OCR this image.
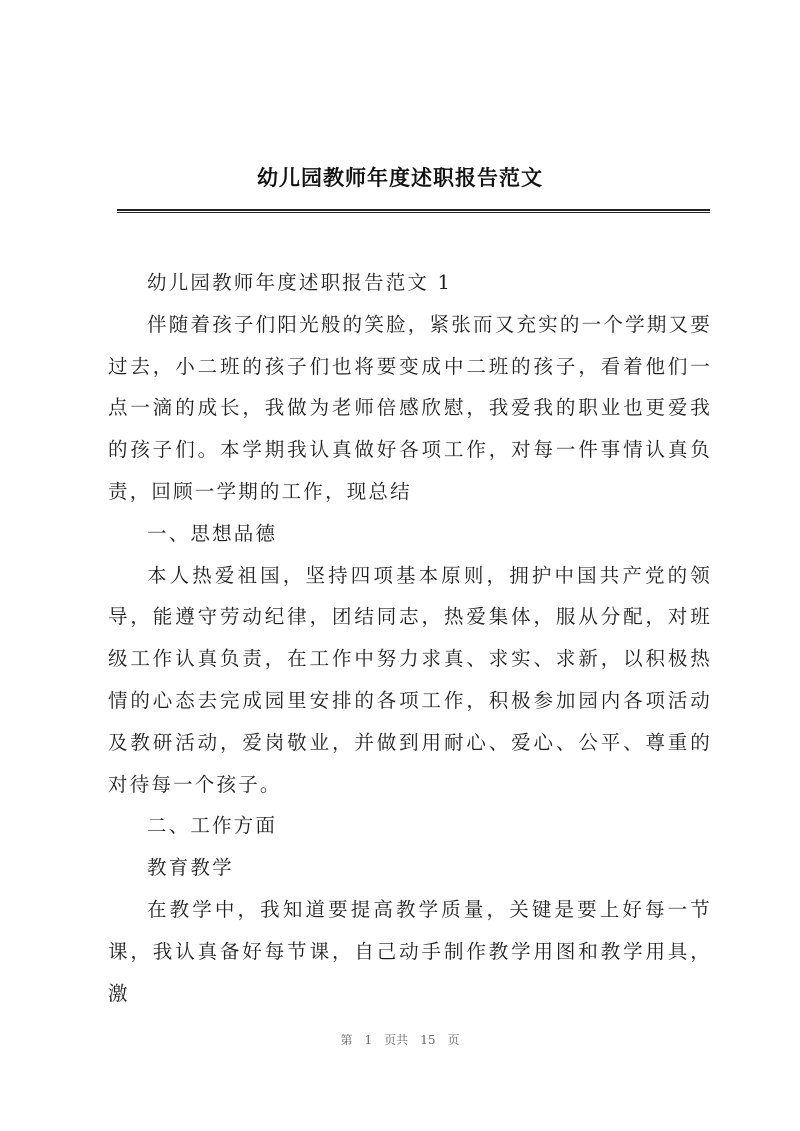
幼儿园教师年度述职报告范文

幼儿园教师年度述职报告范文 1

伴随着孩子们阳光般的笑脸，紧张而又充实的一个学期又要过去，小二班的孩子们也将要变成中二班的孩子，看着他们一点一滴的成长，我做为老师倍感欣慰，我爱我的职业也更爱我的孩子们。本学期我认真做好各项工作，对每一件事情认真负责，回顾一学期的工作，现总结

一、思想品德

本人热爱祖国，坚持四项基本原则，拥护中国共产党的领导，能遵守劳动纪律，团结同志，热爱集体，服从分配，对班级工作认真负责，在工作中努力求真、求实、求新，以积极热情的心态去完成园里安排的各项工作，积极参加园内各项活动及教研活动，爱岗敬业，并做到用耐心、爱心、公平、尊重的对待每一个孩子。

二、工作方面

教育教学

在教学中，我知道要提高教学质量，关键是要上好每一节课，我认真备好每节课，自己动手制作教学用图和教学用具，激

第 1 页共 15 页
